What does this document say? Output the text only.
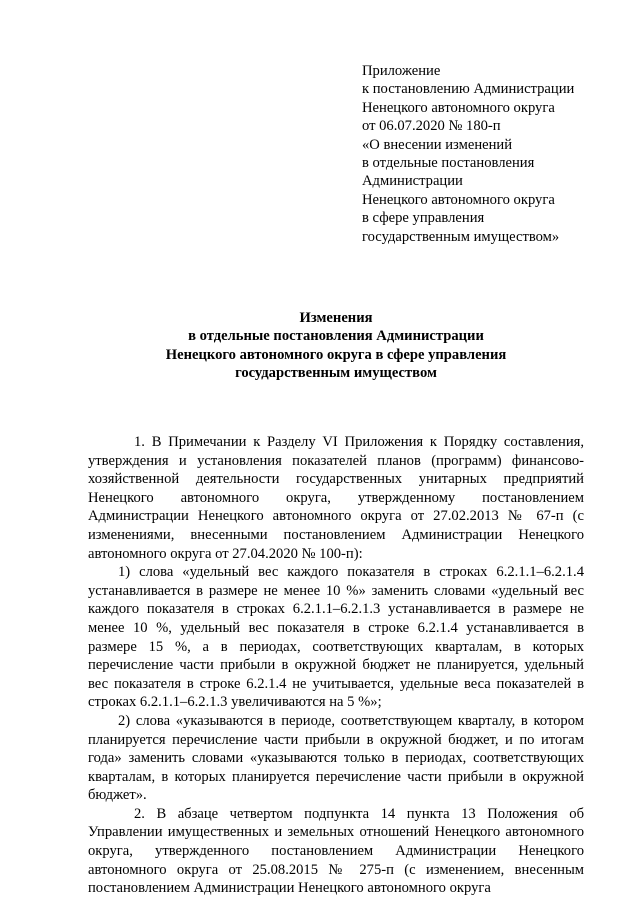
Приложение
к постановлению Администрации
Ненецкого автономного округа
от 06.07.2020 № 180-п
«О внесении изменений
в отдельные постановления
Администрации
Ненецкого автономного округа
в сфере управления
государственным имуществом»
Изменения
в отдельные постановления Администрации
Ненецкого автономного округа в сфере управления
государственным имуществом

1. В Примечании к Разделу VI Приложения к Порядку составления, утверждения и установления показателей планов (программ) финансово-хозяйственной деятельности государственных унитарных предприятий Ненецкого автономного округа, утвержденному постановлением Администрации Ненецкого автономного округа от 27.02.2013 № 67-п (с изменениями, внесенными постановлением Администрации Ненецкого автономного округа от 27.04.2020 № 100-п):

1) слова «удельный вес каждого показателя в строках 6.2.1.1–6.2.1.4 устанавливается в размере не менее 10 %» заменить словами «удельный вес каждого показателя в строках 6.2.1.1–6.2.1.3 устанавливается в размере не менее 10 %, удельный вес показателя в строке 6.2.1.4 устанавливается в размере 15 %, а в периодах, соответствующих кварталам, в которых перечисление части прибыли в окружной бюджет не планируется, удельный вес показателя в строке 6.2.1.4 не учитывается, удельные веса показателей в строках 6.2.1.1–6.2.1.3 увеличиваются на 5 %»;

2) слова «указываются в периоде, соответствующем кварталу, в котором планируется перечисление части прибыли в окружной бюджет, и по итогам года» заменить словами «указываются только в периодах, соответствующих кварталам, в которых планируется перечисление части прибыли в окружной бюджет».

2. В абзаце четвертом подпункта 14 пункта 13 Положения об Управлении имущественных и земельных отношений Ненецкого автономного округа, утвержденного постановлением Администрации Ненецкого автономного округа от 25.08.2015 № 275-п (с изменением, внесенным постановлением Администрации Ненецкого автономного округа
